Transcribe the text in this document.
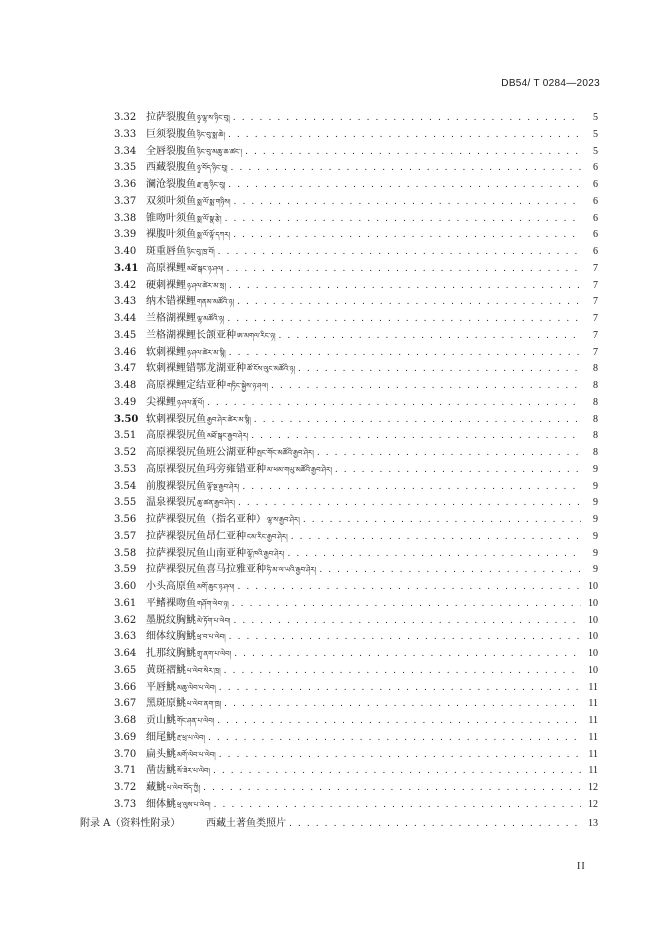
DB54/ T 0284—2023
3.32 拉萨裂腹鱼 ཉྭ་ལྷ་ས་ཉིང་བུ། . . .	5
3.33 巨须裂腹鱼 ཉིང་བུ་སྨ་ཆེ། . . .	5
3.34 全唇裂腹鱼 ཉིང་བུ་མཆུ་ཆ་ཚང་། . . .	5
3.35 西藏裂腹鱼 ཉྭ་བོད་ཉིང་བུ། . . .	6
3.36 澜沧裂腹鱼 རྫ་ཆུ་ཉིང་བུ། . . .	6
3.37 双须叶须鱼 སྨ་ལོ་སྨ་གཉིས། . . .	6
3.38 锥吻叶须鱼 སྨ་ལོ་སྣ་རྩེ། . . .	6
3.39 裸腹叶须鱼 སྨ་ལོ་ལྟོ་དཀར། . . .	6
3.40 斑重唇鱼 ཉིང་བུ་ཁྲ་བོ། . . .	6
3.41 高原裸鲤 མཐོ་སྒང་ཉ་ཤལ། . . .	7
3.42 硬刺裸鲤 ཉ་ཤལ་ཚེར་མ་སྲ། . . .	7
3.43 纳木错裸鲤 གནམ་མཚོའི་ཉ། . . .	7
3.44 兰格湖裸鲤 ལྷ་མཚོའི་ཉ། . . .	7
3.45 兰格湖裸鲤长颌亚种 ཨ་མགལ་རིང་ཉ། . . .	7
3.46 软刺裸鲤 ཉ་ཤལ་ཚེར་མ་སྙི། . . .	7
3.47 软刺裸鲤错鄂龙湖亚种 ཚོ་ངོས་ལུང་མཚོའི་ཉ། . . .	8
3.48 高原裸鲤定结亚种 གཏིང་སྐྱེས་ཉ་ཤལ། . . .	8
3.49 尖裸鲤 ཉ་ཤལ་རྣོ་པོ། . . .	8
3.50 软刺裸裂尻鱼 རྒྱབ་ཤེར་ཚེར་མ་སྙི། . . .	8
3.51 高原裸裂尻鱼 མཐོ་སྒང་རྒྱབ་ཤེར། . . .	8
3.52 高原裸裂尻鱼班公湖亚种 སྤང་གོང་མཚོའི་རྒྱབ་ཤེར། . . .	8
3.53 高原裸裂尻鱼玛旁雍错亚种 མ་ཕམ་གཡུ་མཚོའི་རྒྱབ་ཤེར། . . .	9
3.54 前腹裸裂尻鱼 ལྟོ་སྔ་རྒྱབ་ཤེར། . . .	9
3.55 温泉裸裂尻 ཆུ་ཚན་རྒྱབ་ཤེར། . . .	9
3.56 拉萨裸裂尻鱼（指名亚种） ལྷ་ས་རྒྱབ་ཤེར། . . .	9
3.57 拉萨裸裂尻鱼昂仁亚种 ངམ་རིང་རྒྱབ་ཤེར། . . .	9
3.58 拉萨裸裂尻鱼山南亚种 ལྷོ་ཁའི་རྒྱབ་ཤེར། . . .	9
3.59 拉萨裸裂尻鱼喜马拉雅亚种 ཧི་མ་ལ་ཡའི་རྒྱབ་ཤེར། . . .	9
3.60 小头高原鱼 མགོ་ཆུང་ཉ་ཤལ། . . .	10
3.61 平鳍裸吻鱼 གཤོག་ལེབ་ཉ། . . .	10
3.62 墨脱纹胸鮡 མེ་ཏོག་པ་ལེབ། . . .	10
3.63 细体纹胸鮡 ཕྲ་བ་པ་ལེབ། . . .	10
3.64 扎那纹胸鮡 གྲྭ་ནག་པ་ལེབ། . . .	10
3.65 黄斑褶鮡 པ་ལེབ་སེར་ཁྲ། . . .	10
3.66 平唇鮡 མཆུ་ལེབ་པ་ལེབ། . . .	11
3.67 黑斑原鮡 པ་ལེབ་ནག་ཁྲ། . . .	11
3.68 贡山鮡 གོང་ཤན་པ་ལེབ། . . .	11
3.69 细尾鮡 རྔ་ཕྲ་པ་ལེབ། . . .	11
3.70 扁头鮡 མགོ་ལེབ་པ་ལེབ། . . .	11
3.71 凿齿鮡 སོ་ཟེར་པ་ལེབ། . . .	11
3.72 藏鮡 པ་ལེབ་བོད་ཀྱི། . . .	12
3.73 细体鮡 ཕྲ་ལུས་པ་ལེབ། . . .	12
附录 A（资料性附录）	西藏土著鱼类照片 . . .	13
II
